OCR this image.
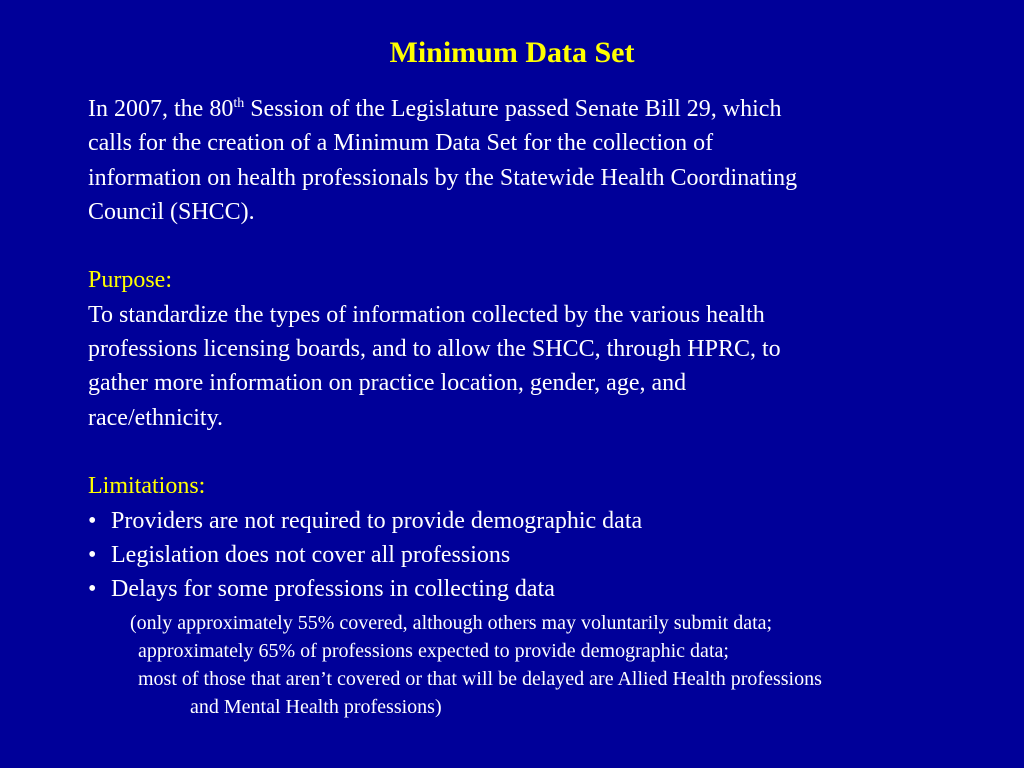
Minimum Data Set
In 2007, the 80th Session of the Legislature passed Senate Bill 29, which
calls for the creation of a Minimum Data Set for the collection of
information on health professionals by the Statewide Health Coordinating
Council (SHCC).
Purpose:
To standardize the types of information collected by the various health
professions licensing boards, and to allow the SHCC, through HPRC, to
gather more information on practice location, gender, age, and
race/ethnicity.
Limitations:
• Providers are not required to provide demographic data
• Legislation does not cover all professions
• Delays for some professions in collecting data
(only approximately 55% covered, although others may voluntarily submit data;
approximately 65% of professions expected to provide demographic data;
most of those that aren’t covered or that will be delayed are Allied Health professions
and Mental Health professions)
